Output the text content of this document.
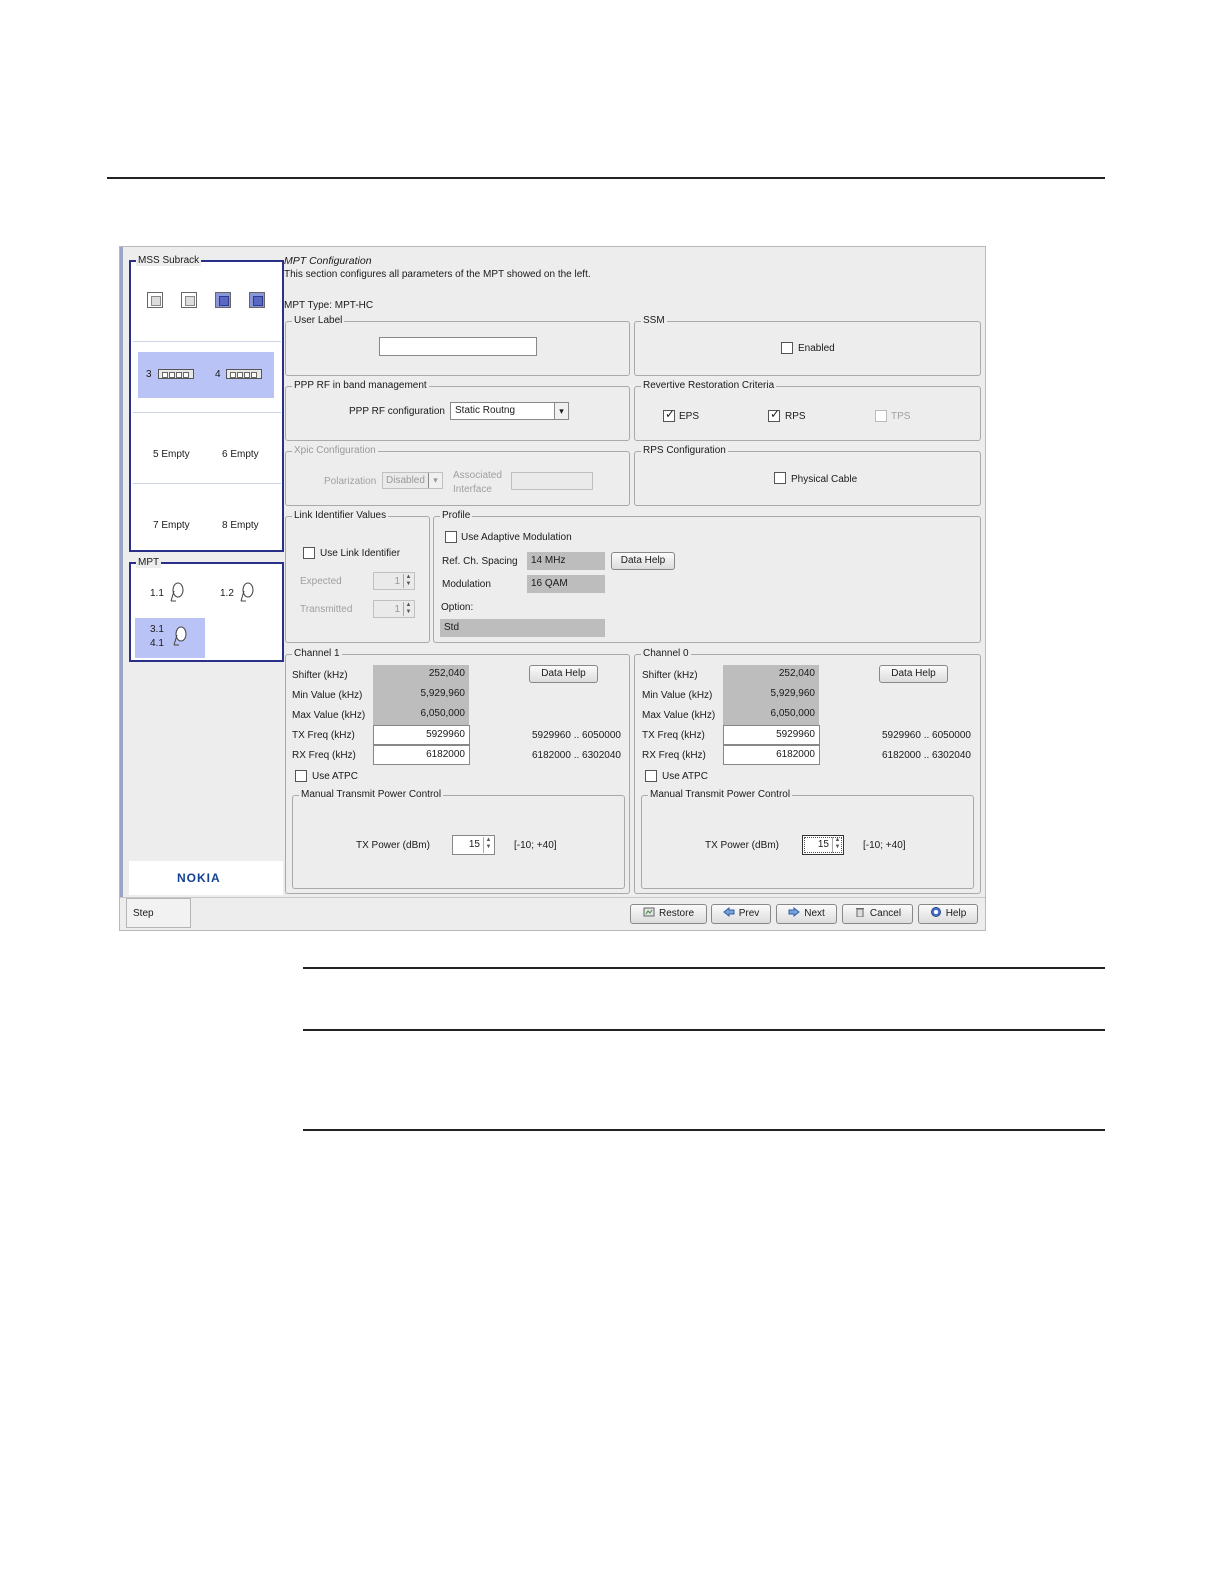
MSS Subrack
3	4
5 Empty	6 Empty
7 Empty	8 Empty
MPT
1.1	1.2
3.1
4.1
NOKIA
MPT Configuration
This section configures all parameters of the MPT showed on the left.
MPT Type: MPT-HC
User Label	SSM
Enabled
PPP RF in band management
PPP RF configuration	Static Routng	▾
Revertive Restoration Criteria
✓ EPS	✓ RPS	TPS
Xpic Configuration
Polarization Disabled ▾	Associated
Interface
RPS Configuration
Physical Cable
Link Identifier Values
Use Link Identifier
Expected	1 ▲
▼
Transmitted	1 ▲
▼
Profile
Use Adaptive Modulation
Ref. Ch. Spacing	14 MHz	Data Help
Modulation	16 QAM
Option:
Std
Channel 1
Shifter (kHz)	252,040
Min Value (kHz)	5,929,960
Max Value (kHz)	6,050,000
Data Help
TX Freq (kHz)	5929960	5929960 .. 6050000
RX Freq (kHz)	6182000	6182000 .. 6302040
Use ATPC
Manual Transmit Power Control
TX Power (dBm)	15 ▲
▼ [-10; +40]
Channel 0
Shifter (kHz)	252,040
Min Value (kHz)	5,929,960
Max Value (kHz)	6,050,000
Data Help
TX Freq (kHz)	5929960	5929960 .. 6050000
RX Freq (kHz)	6182000	6182000 .. 6302040
Use ATPC
Manual Transmit Power Control
TX Power (dBm)	15 ▲
▼ [-10; +40]
Step	Restore	Prev	Next	Cancel	Help
